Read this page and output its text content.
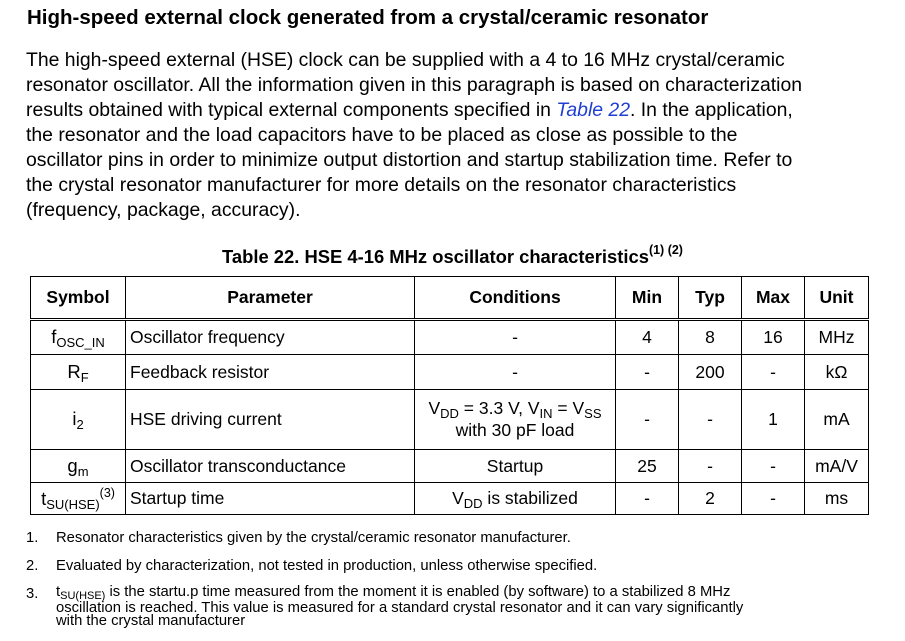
High-speed external clock generated from a crystal/ceramic resonator
The high-speed external (HSE) clock can be supplied with a 4 to 16 MHz crystal/ceramic
resonator oscillator. All the information given in this paragraph is based on characterization
results obtained with typical external components specified in Table 22. In the application,
the resonator and the load capacitors have to be placed as close as possible to the
oscillator pins in order to minimize output distortion and startup stabilization time. Refer to
the crystal resonator manufacturer for more details on the resonator characteristics
(frequency, package, accuracy).
Table 22. HSE 4-16 MHz oscillator characteristics$^{(1) (2)}$
Symbol	Parameter	Conditions	Min	Typ	Max	Unit
$f_{OSC\_IN}$	Oscillator frequency	-	4	8	16	MHz
$R_F$	Feedback resistor	-	-	200	-	kΩ
$i_2$	HSE driving current	$V_{DD} = 3.3$ V, $V_{IN} = V_{SS}$
with 30 pF load	-	-	1	mA
$g_m$	Oscillator transconductance	Startup	25	-	-	mA/V
$t_{SU(HSE)}^{(3)}$	Startup time	$V_{DD}$ is stabilized	-	2	-	ms
1. Resonator characteristics given by the crystal/ceramic resonator manufacturer.
2. Evaluated by characterization, not tested in production, unless otherwise specified.
3. $t_{SU(HSE)}$ is the startu.p time measured from the moment it is enabled (by software) to a stabilized 8 MHz
oscillation is reached. This value is measured for a standard crystal resonator and it can vary significantly
with the crystal manufacturer
